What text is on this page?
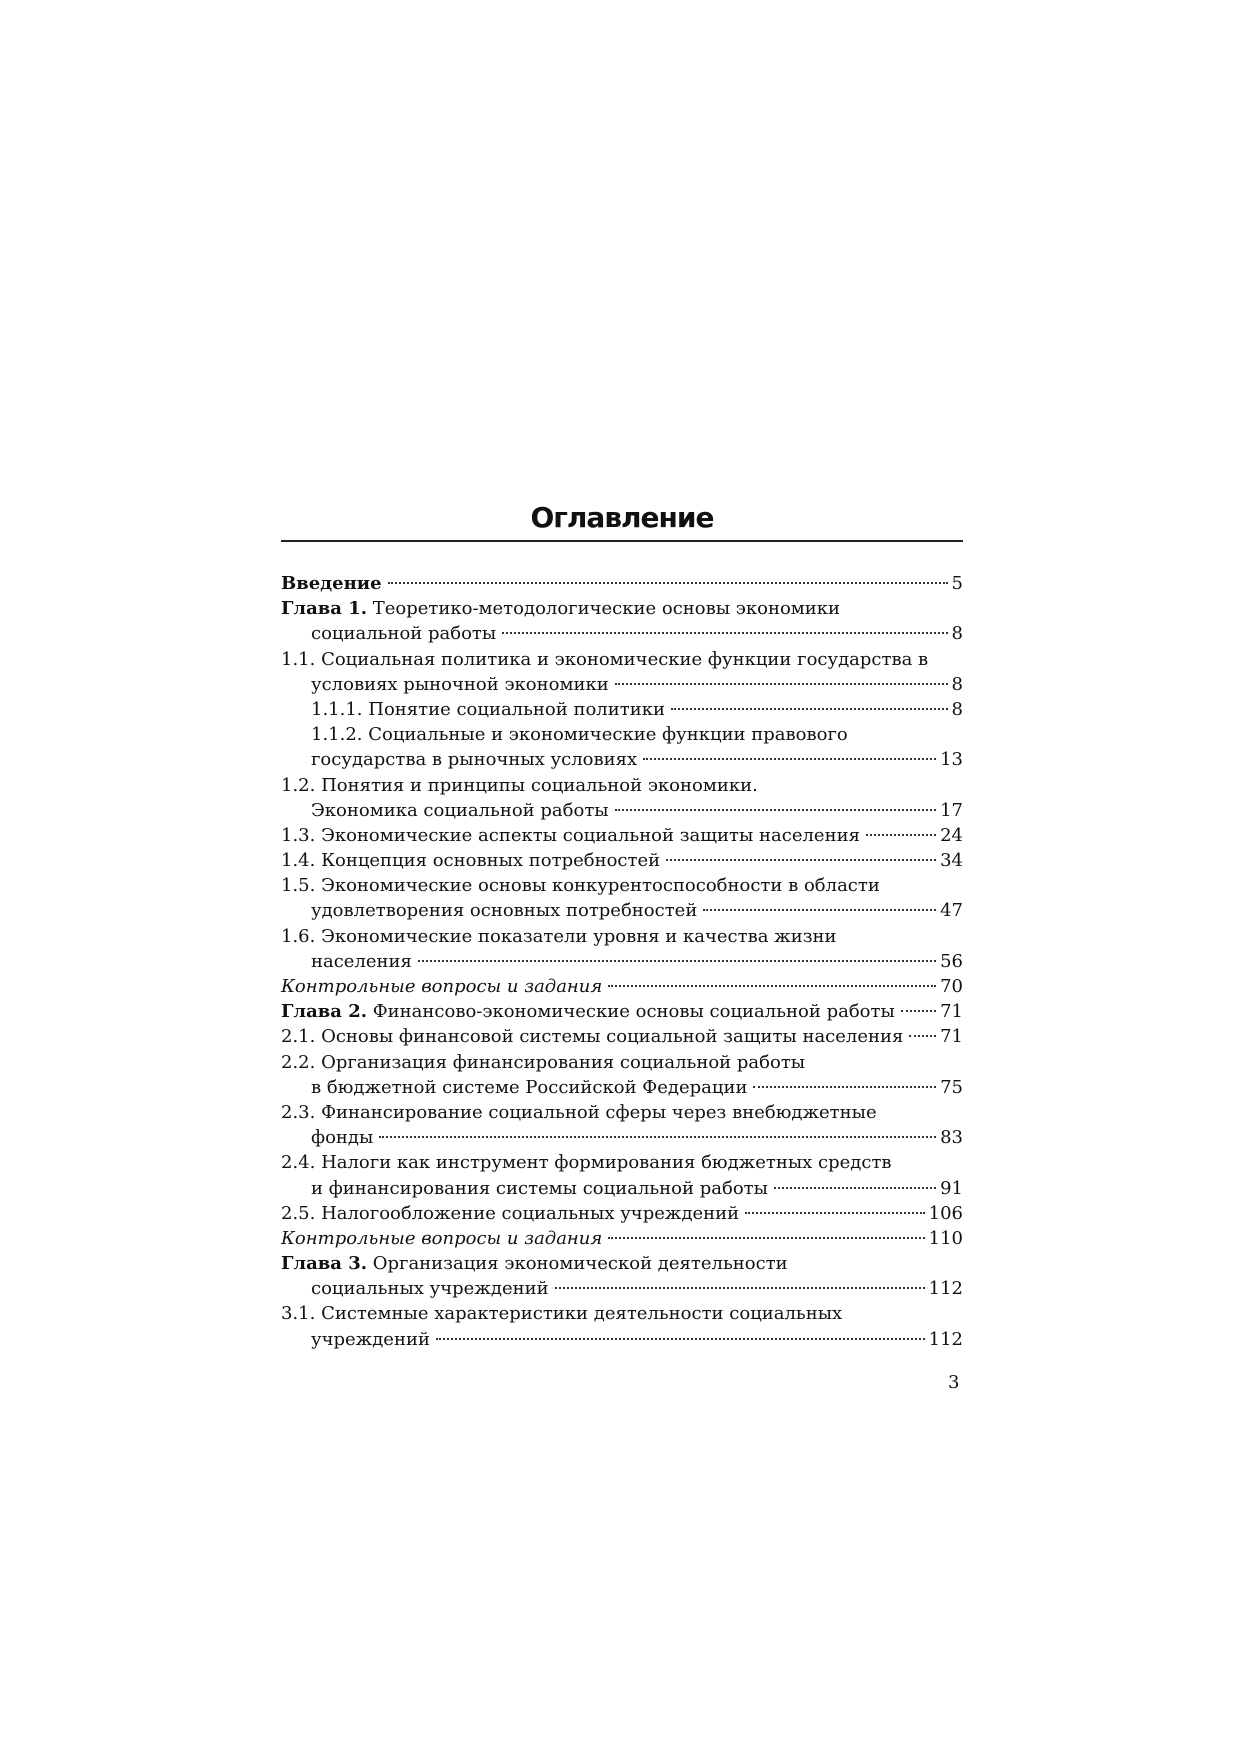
Оглавление
Введение	5
Глава 1. Теоретико-методологические основы экономики
социальной работы	8
1.1. Социальная политика и экономические функции государства в
условиях рыночной экономики	8
1.1.1. Понятие социальной политики	8
1.1.2. Социальные и экономические функции правового
государства в рыночных условиях	13
1.2. Понятия и принципы социальной экономики.
Экономика социальной работы	17
1.3. Экономические аспекты социальной защиты населения	24
1.4. Концепция основных потребностей	34
1.5. Экономические основы конкурентоспособности в области
удовлетворения основных потребностей	47
1.6. Экономические показатели уровня и качества жизни
населения	56
Контрольные вопросы и задания	70
Глава 2. Финансово-экономические основы социальной работы	71
2.1. Основы финансовой системы социальной защиты населения 71
2.2. Организация финансирования социальной работы
в бюджетной системе Российской Федерации	75
2.3. Финансирование социальной сферы через внебюджетные
фонды	83
2.4. Налоги как инструмент формирования бюджетных средств
и финансирования системы социальной работы	91
2.5. Налогообложение социальных учреждений	106
Контрольные вопросы и задания	110
Глава 3. Организация экономической деятельности
социальных учреждений	112
3.1. Системные характеристики деятельности социальных
учреждений	112
3
